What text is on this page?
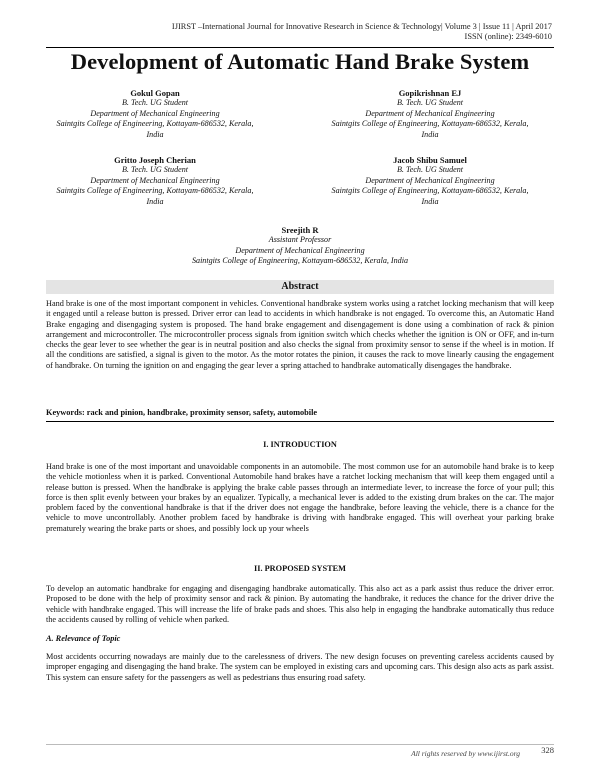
IJIRST –International Journal for Innovative Research in Science & Technology| Volume 3 | Issue 11 | April 2017
ISSN (online): 2349-6010
Development of Automatic Hand Brake System
Gokul Gopan
B. Tech. UG Student
Department of Mechanical Engineering
Saintgits College of Engineering, Kottayam-686532, Kerala,
India
Gopikrishnan EJ
B. Tech. UG Student
Department of Mechanical Engineering
Saintgits College of Engineering, Kottayam-686532, Kerala,
India
Gritto Joseph Cherian
B. Tech. UG Student
Department of Mechanical Engineering
Saintgits College of Engineering, Kottayam-686532, Kerala,
India
Jacob Shibu Samuel
B. Tech. UG Student
Department of Mechanical Engineering
Saintgits College of Engineering, Kottayam-686532, Kerala,
India
Sreejith R
Assistant Professor
Department of Mechanical Engineering
Saintgits College of Engineering, Kottayam-686532, Kerala, India
Abstract

Hand brake is one of the most important component in vehicles. Conventional handbrake system works using a ratchet locking mechanism that will keep it engaged until a release button is pressed. Driver error can lead to accidents in which handbrake is not engaged. To overcome this, an Automatic Hand Brake engaging and disengaging system is proposed. The hand brake engagement and disengagement is done using a combination of rack & pinion arrangement and microcontroller. The microcontroller process signals from ignition switch which checks whether the ignition is ON or OFF, and in-turn checks the gear lever to see whether the gear is in neutral position and also checks the signal from proximity sensor to sense if the wheel is in motion. If all the conditions are satisfied, a signal is given to the motor. As the motor rotates the pinion, it causes the rack to move linearly causing the engagement of handbrake. On turning the ignition on and engaging the gear lever a spring attached to handbrake automatically disengages the handbrake.

Keywords: rack and pinion, handbrake, proximity sensor, safety, automobile
I. INTRODUCTION

Hand brake is one of the most important and unavoidable components in an automobile. The most common use for an automobile hand brake is to keep the vehicle motionless when it is parked. Conventional Automobile hand brakes have a ratchet locking mechanism that will keep them engaged until a release button is pressed. When the handbrake is applying the brake cable passes through an intermediate lever, to increase the force of your pull; this force is then split evenly between your brakes by an equalizer. Typically, a mechanical lever is added to the existing drum brakes on the car. The major problem faced by the conventional handbrake is that if the driver does not engage the handbrake, before leaving the vehicle, there is a chance for the vehicle to move uncontrollably. Another problem faced by handbrake is driving with handbrake engaged. This will overheat your parking brake prematurely wearing the brake parts or shoes, and possibly lock up your wheels

II. PROPOSED SYSTEM

To develop an automatic handbrake for engaging and disengaging handbrake automatically. This also act as a park assist thus reduce the driver error. Proposed to be done with the help of proximity sensor and rack & pinion. By automating the handbrake, it reduces the chance for the driver drive the vehicle with handbrake engaged. This will increase the life of brake pads and shoes. This also help in engaging the handbrake automatically thus reduce the accidents caused by rolling of vehicle when parked.

A. Relevance of Topic

Most accidents occurring nowadays are mainly due to the carelessness of drivers. The new design focuses on preventing careless accidents caused by improper engaging and disengaging the hand brake. The system can be employed in existing cars and upcoming cars. This design also acts as park assist. This system can ensure safety for the passengers as well as pedestrians thus ensuring road safety.

All rights reserved by www.ijirst.org	328
